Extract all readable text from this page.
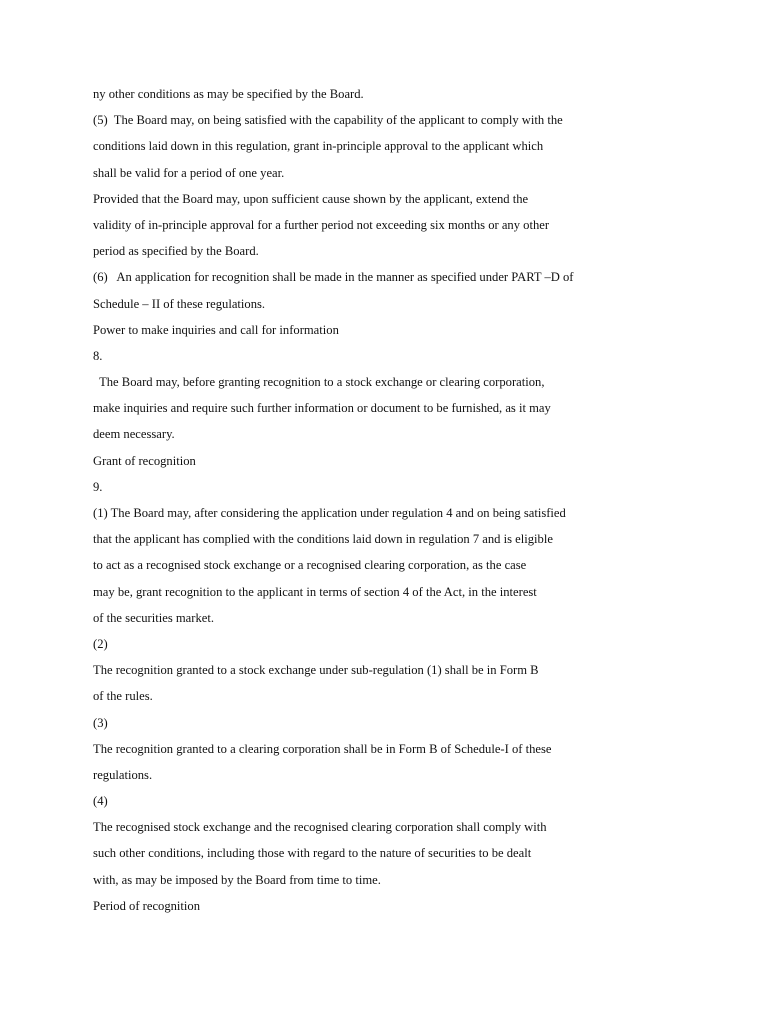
ny other conditions as may be specified by the Board.
(5)  The Board may, on being satisfied with the capability of the applicant to comply with the
conditions laid down in this regulation, grant in-principle approval to the applicant which
shall be valid for a period of one year.
Provided that the Board may, upon sufficient cause shown by the applicant, extend the
validity of in-principle approval for a further period not exceeding six months or any other
period as specified by the Board.
(6)   An application for recognition shall be made in the manner as specified under PART –D of
Schedule – II of these regulations.
Power to make inquiries and call for information
8.
The Board may, before granting recognition to a stock exchange or clearing corporation,
make inquiries and require such further information or document to be furnished, as it may
deem necessary.
Grant of recognition
9.
(1) The Board may, after considering the application under regulation 4 and on being satisfied
that the applicant has complied with the conditions laid down in regulation 7 and is eligible
to act as a recognised stock exchange or a recognised clearing corporation, as the case
may be, grant recognition to the applicant in terms of section 4 of the Act, in the interest
of the securities market.
(2)
The recognition granted to a stock exchange under sub-regulation (1) shall be in Form B
of the rules.
(3)
The recognition granted to a clearing corporation shall be in Form B of Schedule-I of these
regulations.
(4)
The recognised stock exchange and the recognised clearing corporation shall comply with
such other conditions, including those with regard to the nature of securities to be dealt
with, as may be imposed by the Board from time to time.
Period of recognition
